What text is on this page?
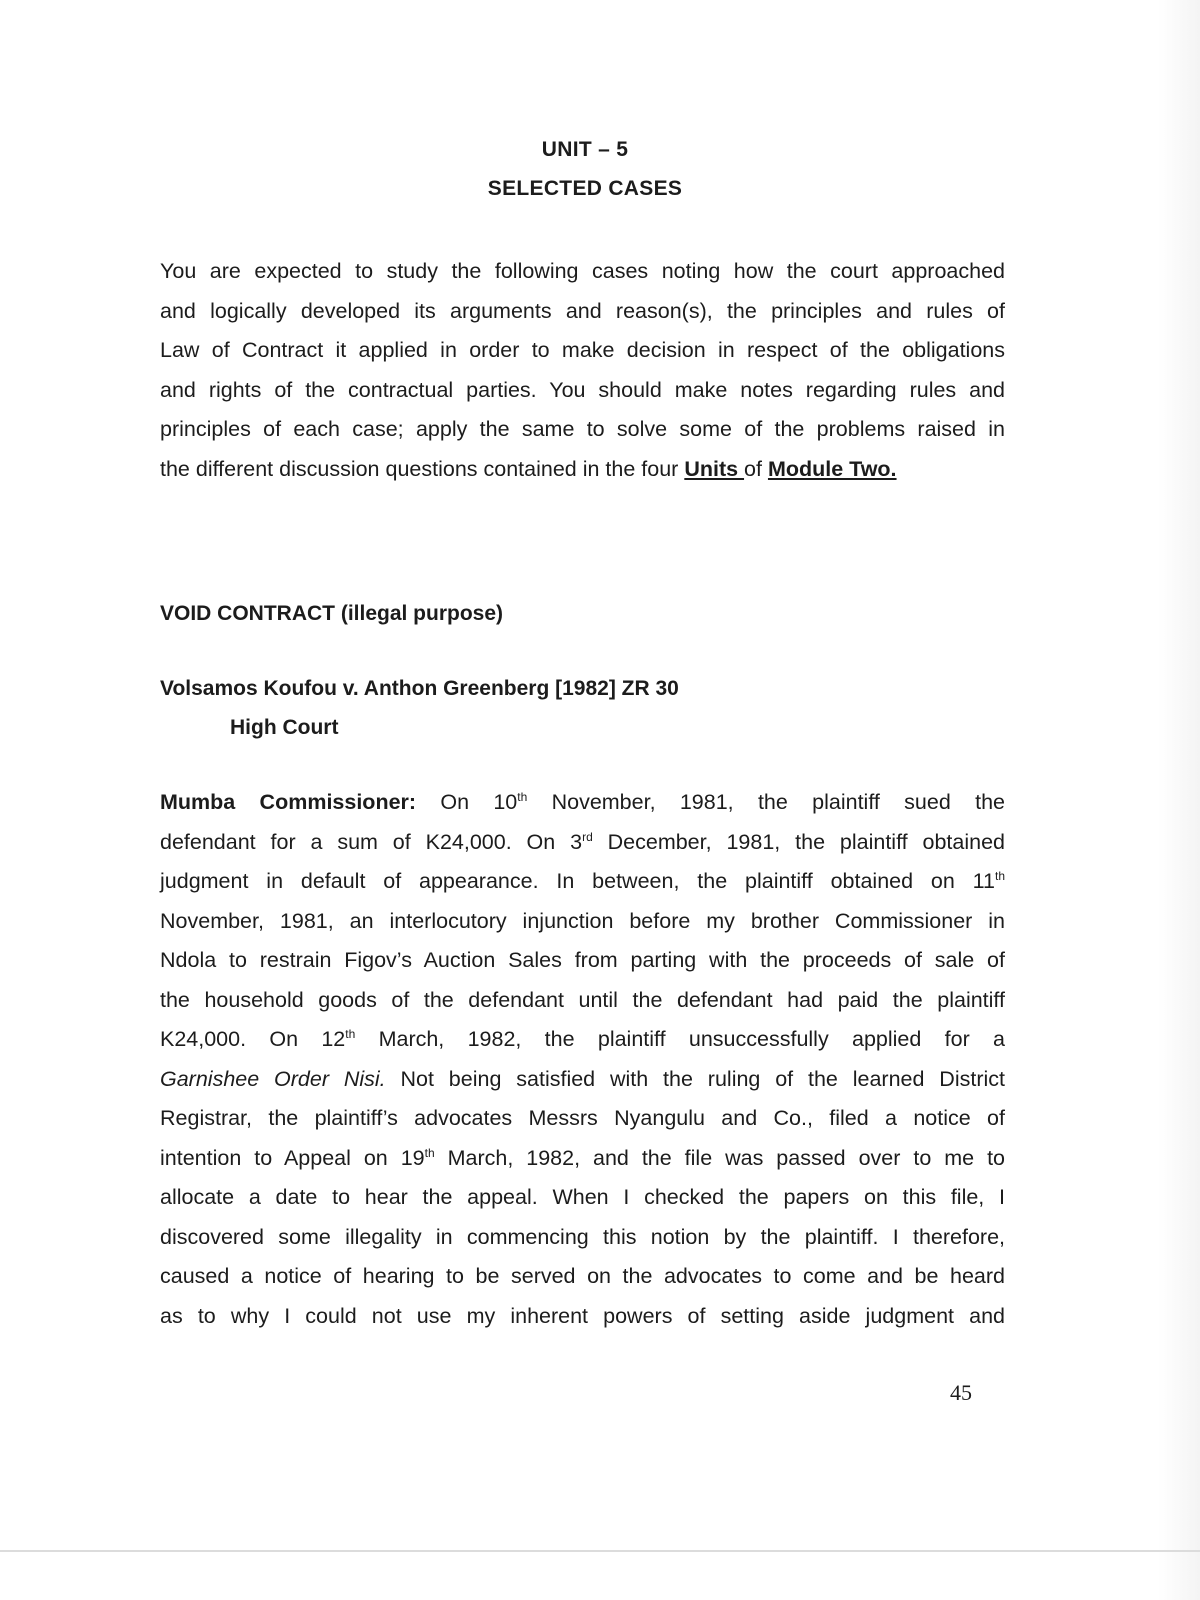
UNIT – 5
SELECTED CASES
You are expected to study the following cases noting how the court approached
and logically developed its arguments and reason(s), the principles and rules of
Law of Contract it applied in order to make decision in respect of the obligations
and rights of the contractual parties. You should make notes regarding rules and
principles of each case; apply the same to solve some of the problems raised in
the different discussion questions contained in the four Units of Module Two.
VOID CONTRACT (illegal purpose)
Volsamos Koufou v. Anthon Greenberg [1982] ZR 30
High Court
Mumba Commissioner: On 10th November, 1981, the plaintiff sued the
defendant for a sum of K24,000. On 3rd December, 1981, the plaintiff obtained
judgment in default of appearance. In between, the plaintiff obtained on 11th
November, 1981, an interlocutory injunction before my brother Commissioner in
Ndola to restrain Figov’s Auction Sales from parting with the proceeds of sale of
the household goods of the defendant until the defendant had paid the plaintiff
K24,000. On 12th March, 1982, the plaintiff unsuccessfully applied for a
Garnishee Order Nisi. Not being satisfied with the ruling of the learned District
Registrar, the plaintiff’s advocates Messrs Nyangulu and Co., filed a notice of
intention to Appeal on 19th March, 1982, and the file was passed over to me to
allocate a date to hear the appeal. When I checked the papers on this file, I
discovered some illegality in commencing this notion by the plaintiff. I therefore,
caused a notice of hearing to be served on the advocates to come and be heard
as to why I could not use my inherent powers of setting aside judgment and
45
